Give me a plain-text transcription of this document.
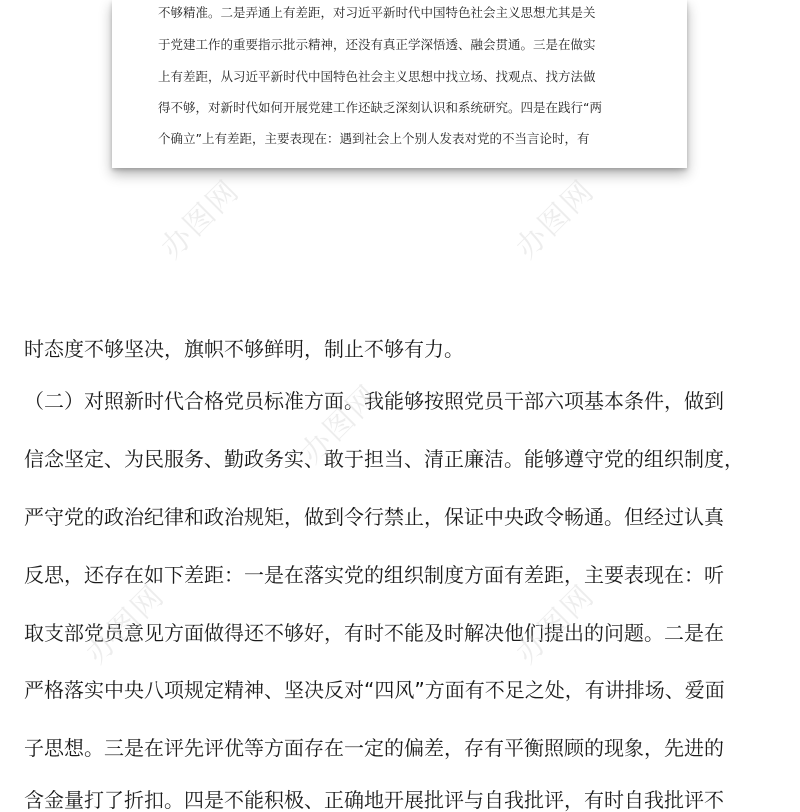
不够精准。二是弄通上有差距，对习近平新时代中国特色社会主义思想尤其是关
于党建工作的重要指示批示精神，还没有真正学深悟透、融会贯通。三是在做实
上有差距，从习近平新时代中国特色社会主义思想中找立场、找观点、找方法做
得不够，对新时代如何开展党建工作还缺乏深刻认识和系统研究。四是在践行“两
个确立”上有差距，主要表现在：遇到社会上个别人发表对党的不当言论时，有
时态度不够坚决，旗帜不够鲜明，制止不够有力。
（二）对照新时代合格党员标准方面。我能够按照党员干部六项基本条件，做到
信念坚定、为民服务、勤政务实、敢于担当、清正廉洁。能够遵守党的组织制度，
严守党的政治纪律和政治规矩，做到令行禁止，保证中央政令畅通。但经过认真
反思，还存在如下差距：一是在落实党的组织制度方面有差距，主要表现在：听
取支部党员意见方面做得还不够好，有时不能及时解决他们提出的问题。二是在
严格落实中央八项规定精神、坚决反对“四风”方面有不足之处，有讲排场、爱面
子思想。三是在评先评优等方面存在一定的偏差，存有平衡照顾的现象，先进的
含金量打了折扣。四是不能积极、正确地开展批评与自我批评，有时自我批评不
办图网	办图网
办图网
办图网	办图网
